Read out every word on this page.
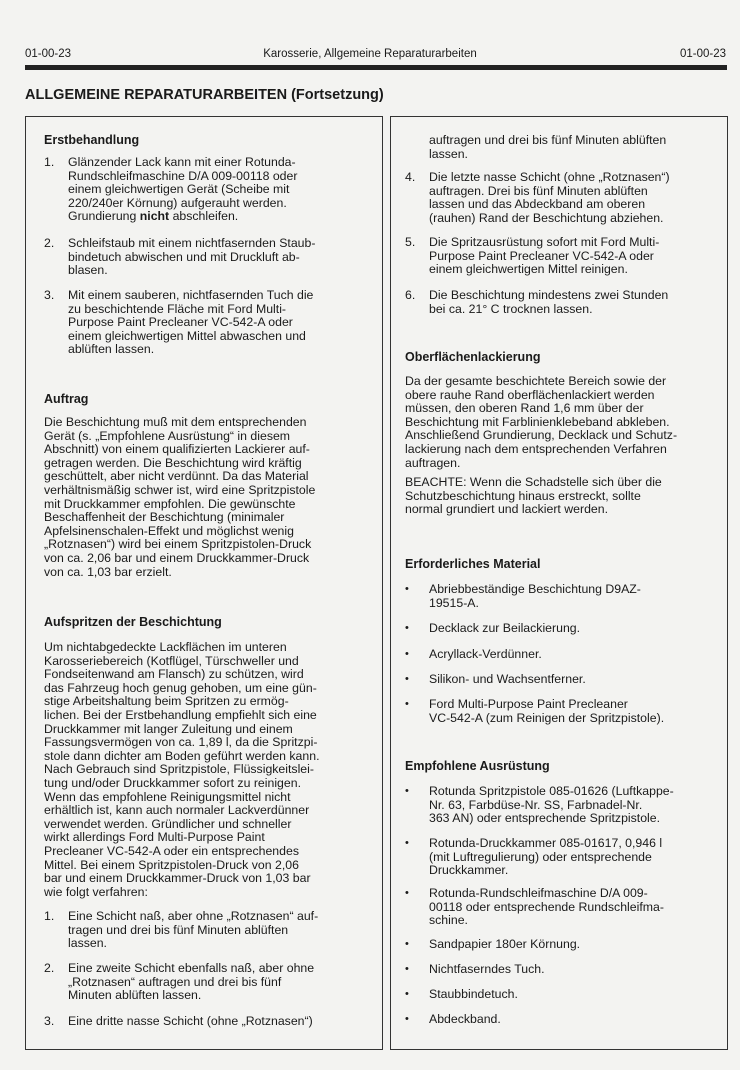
01-00-23	Karosserie, Allgemeine Reparaturarbeiten	01-00-23
ALLGEMEINE REPARATURARBEITEN (Fortsetzung)
Erstbehandlung
1. Glänzender Lack kann mit einer Rotunda-
Rundschleifmaschine D/A 009-00118 oder
einem gleichwertigen Gerät (Scheibe mit
220/240er Körnung) aufgerauht werden.
Grundierung nicht abschleifen.
2. Schleifstaub mit einem nichtfasernden Staub-
bindetuch abwischen und mit Druckluft ab-
blasen.
3. Mit einem sauberen, nichtfasernden Tuch die
zu beschichtende Fläche mit Ford Multi-
Purpose Paint Precleaner VC-542-A oder
einem gleichwertigen Mittel abwaschen und
ablüften lassen.
Auftrag
Die Beschichtung muß mit dem entsprechenden
Gerät (s. „Empfohlene Ausrüstung“ in diesem
Abschnitt) von einem qualifizierten Lackierer auf-
getragen werden. Die Beschichtung wird kräftig
geschüttelt, aber nicht verdünnt. Da das Material
verhältnismäßig schwer ist, wird eine Spritzpistole
mit Druckkammer empfohlen. Die gewünschte
Beschaffenheit der Beschichtung (minimaler
Apfelsinenschalen-Effekt und möglichst wenig
„Rotznasen“) wird bei einem Spritzpistolen-Druck
von ca. 2,06 bar und einem Druckkammer-Druck
von ca. 1,03 bar erzielt.
Aufspritzen der Beschichtung
Um nichtabgedeckte Lackflächen im unteren
Karosseriebereich (Kotflügel, Türschweller und
Fondseitenwand am Flansch) zu schützen, wird
das Fahrzeug hoch genug gehoben, um eine gün-
stige Arbeitshaltung beim Spritzen zu ermög-
lichen. Bei der Erstbehandlung empfiehlt sich eine
Druckkammer mit langer Zuleitung und einem
Fassungsvermögen von ca. 1,89 l, da die Spritzpi-
stole dann dichter am Boden geführt werden kann.
Nach Gebrauch sind Spritzpistole, Flüssigkeitslei-
tung und/oder Druckkammer sofort zu reinigen.
Wenn das empfohlene Reinigungsmittel nicht
erhältlich ist, kann auch normaler Lackverdünner
verwendet werden. Gründlicher und schneller
wirkt allerdings Ford Multi-Purpose Paint
Precleaner VC-542-A oder ein entsprechendes
Mittel. Bei einem Spritzpistolen-Druck von 2,06
bar und einem Druckkammer-Druck von 1,03 bar
wie folgt verfahren:
1. Eine Schicht naß, aber ohne „Rotznasen“ auf-
tragen und drei bis fünf Minuten ablüften
lassen.
2. Eine zweite Schicht ebenfalls naß, aber ohne
„Rotznasen“ auftragen und drei bis fünf
Minuten ablüften lassen.
3. Eine dritte nasse Schicht (ohne „Rotznasen“)
auftragen und drei bis fünf Minuten ablüften
lassen.
4. Die letzte nasse Schicht (ohne „Rotznasen“)
auftragen. Drei bis fünf Minuten ablüften
lassen und das Abdeckband am oberen
(rauhen) Rand der Beschichtung abziehen.
5. Die Spritzausrüstung sofort mit Ford Multi-
Purpose Paint Precleaner VC-542-A oder
einem gleichwertigen Mittel reinigen.
6. Die Beschichtung mindestens zwei Stunden
bei ca. 21° C trocknen lassen.
Oberflächenlackierung
Da der gesamte beschichtete Bereich sowie der
obere rauhe Rand oberflächenlackiert werden
müssen, den oberen Rand 1,6 mm über der
Beschichtung mit Farblinienklebeband abkleben.
Anschließend Grundierung, Decklack und Schutz-
lackierung nach dem entsprechenden Verfahren
auftragen.
BEACHTE: Wenn die Schadstelle sich über die
Schutzbeschichtung hinaus erstreckt, sollte
normal grundiert und lackiert werden.
Erforderliches Material
• Abriebbeständige Beschichtung D9AZ-
19515-A.
• Decklack zur Beilackierung.
• Acryllack-Verdünner.
• Silikon- und Wachsentferner.
• Ford Multi-Purpose Paint Precleaner
VC-542-A (zum Reinigen der Spritzpistole).
Empfohlene Ausrüstung
• Rotunda Spritzpistole 085-01626 (Luftkappe-
Nr. 63, Farbdüse-Nr. SS, Farbnadel-Nr.
363 AN) oder entsprechende Spritzpistole.
• Rotunda-Druckkammer 085-01617, 0,946 l
(mit Luftregulierung) oder entsprechende
Druckkammer.
• Rotunda-Rundschleifmaschine D/A 009-
00118 oder entsprechende Rundschleifma-
schine.
• Sandpapier 180er Körnung.
• Nichtfaserndes Tuch.
• Staubbindetuch.
• Abdeckband.
